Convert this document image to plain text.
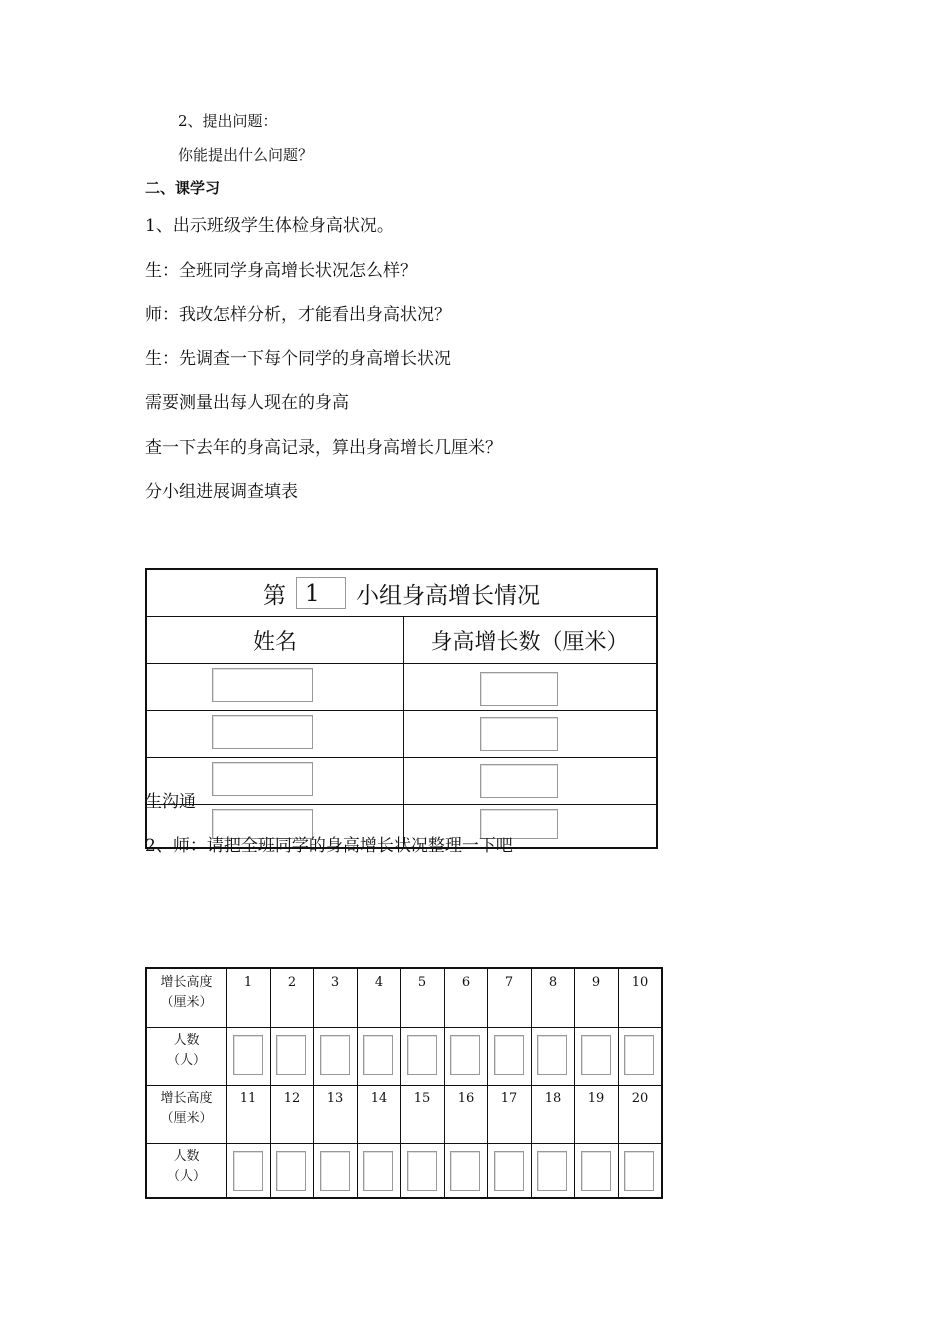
2、提出问题：
你能提出什么问题？
二、课学习
1、出示班级学生体检身高状况。
生：全班同学身高增长状况怎么样？
师：我改怎样分析，才能看出身高状况？
生：先调查一下每个同学的身高增长状况
需要测量出每人现在的身高
查一下去年的身高记录，算出身高增长几厘米？
分小组进展调查填表
第 1	小组身高增长情况
姓名	身高增长数（厘米）
生沟通
2、师：请把全班同学的身高增长状况整理一下吧
增长高度
（厘米）
人数
（人）
增长高度
（厘米）
人数
（人）
1
11
2
12
3
13
4
14
5
15
6
16
7
17
8
18
9
19
10
20
